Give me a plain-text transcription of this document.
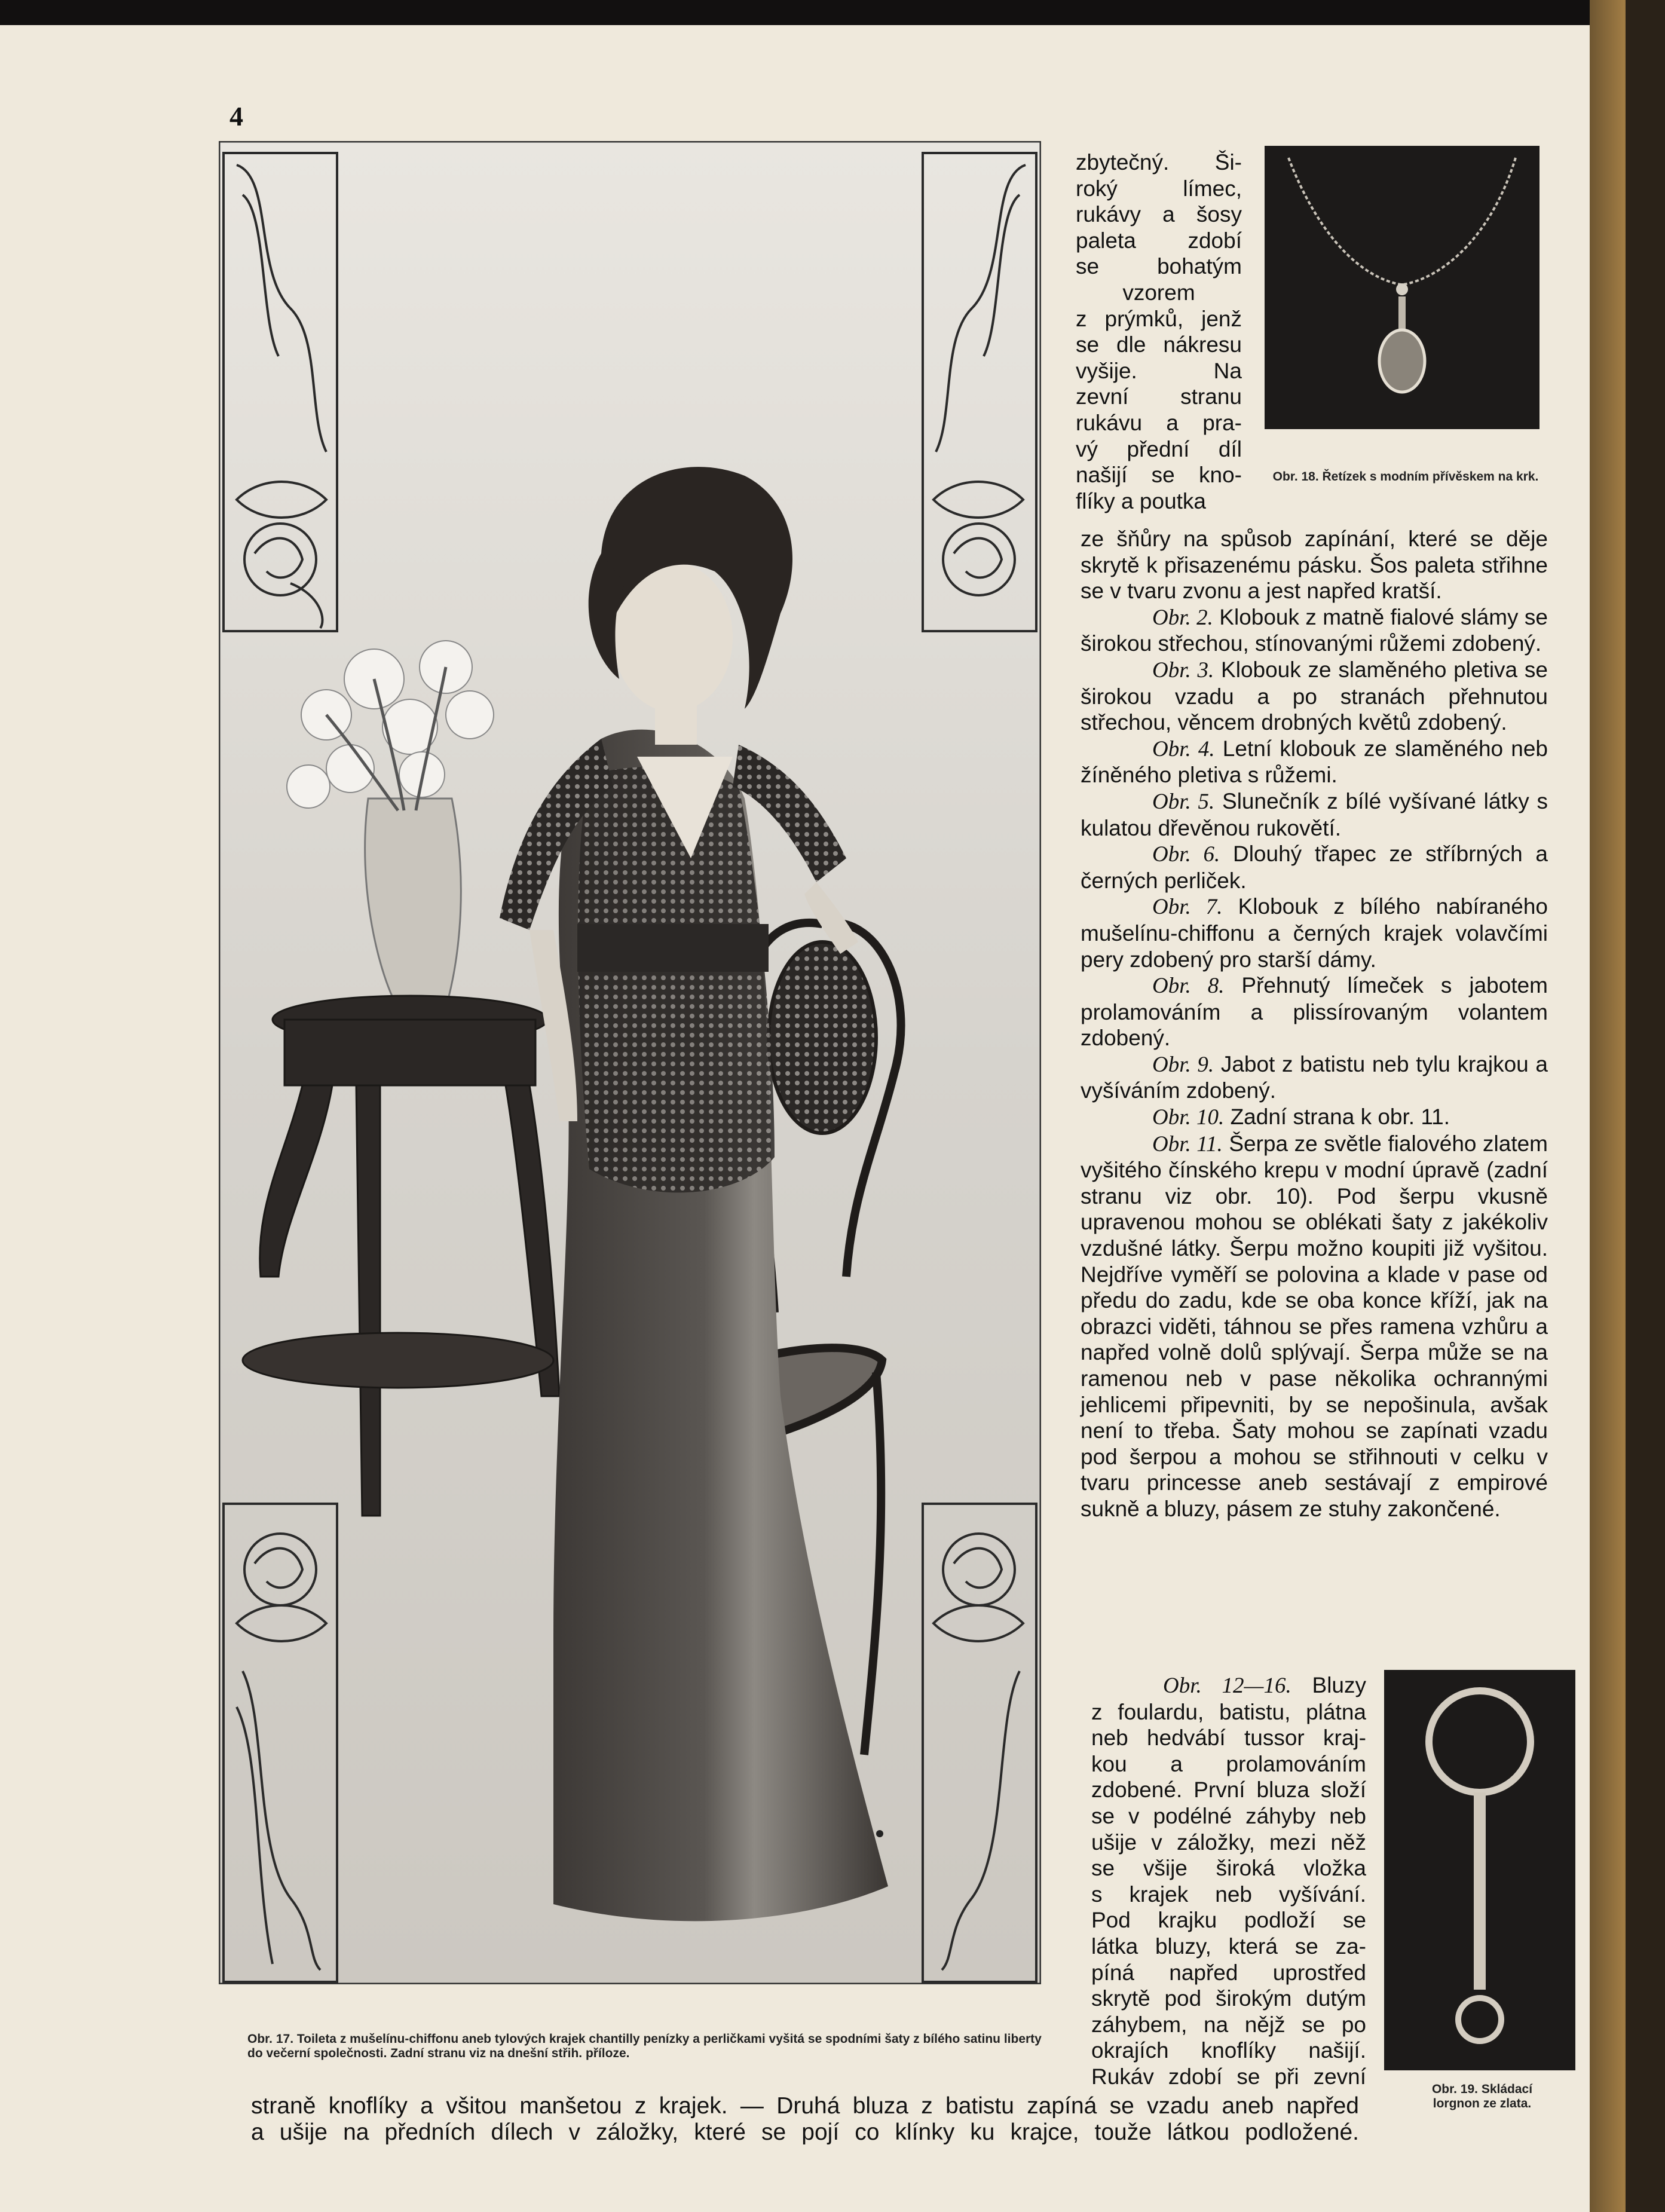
4
Obr. 17. Toileta z mušelínu-chiffonu aneb tylových krajek chantilly penízky a perličkami vyšitá se spodními šaty z bílého satinu liberty do večerní společnosti. Zadní stranu viz na dnešní střih. příloze.
Obr. 18. Řetízek s modním přívěskem na krk.
Obr. 19. Skládací lorgnon ze zlata.

zbytečný. Ši-

roký límec,

rukávy a šosy

paleta zdobí

se bohatým

vzorem

z prýmků, jenž

se dle nákresu

vyšije. Na

zevní stranu

rukávu a pra-

vý přední díl

našijí se kno-

flíky a poutka

ze šňůry na spůsob zapínání, které se děje skrytě k přisazenému pásku. Šos paleta střihne se v tvaru zvonu a jest napřed kratší.

Obr. 2. Klobouk z matně fialové slámy se širokou střechou, stínovanými růžemi zdobený.

Obr. 3. Klobouk ze slaměného pletiva se širokou vzadu a po stranách přehnutou střechou, věncem drobných květů zdobený.

Obr. 4. Letní klobouk ze slaměného neb žíněného pletiva s růžemi.

Obr. 5. Slunečník z bílé vyšívané látky s kulatou dřevěnou rukovětí.

Obr. 6. Dlouhý třapec ze stříbrných a černých perliček.

Obr. 7. Klobouk z bílého nabíraného mušelínu-chiffonu a černých krajek volavčími pery zdobený pro starší dámy.

Obr. 8. Přehnutý límeček s jabotem prolamováním a plissírovaným volantem zdobený.

Obr. 9. Jabot z batistu neb tylu krajkou a vyšíváním zdobený.

Obr. 10. Zadní strana k obr. 11.

Obr. 11. Šerpa ze světle fialového zlatem vyšitého čínského krepu v modní úpravě (zadní stranu viz obr. 10). Pod šerpu vkusně upravenou mohou se oblékati šaty z jakékoliv vzdušné látky. Šerpu možno koupiti již vyšitou. Nejdříve vyměří se polovina a klade v pase od předu do zadu, kde se oba konce kříží, jak na obrazci viděti, táhnou se přes ramena vzhůru a napřed volně dolů splývají. Šerpa může se na ramenou neb v pase několika ochrannými jehlicemi připevniti, by se nepošinula, avšak není to třeba. Šaty mohou se zapínati vzadu pod šerpou a mohou se střihnouti v celku v tvaru princesse aneb sestávají z empirové sukně a bluzy, pásem ze stuhy zakončené.

Obr. 12—16. Bluzy

z foulardu, batistu, plátna

neb hedvábí tussor kraj-

kou a prolamováním

zdobené. První bluza složí

se v podélné záhyby neb

ušije v záložky, mezi něž

se všije široká vložka

s krajek neb vyšívání.

Pod krajku podloží se

látka bluzy, která se za-

píná napřed uprostřed

skrytě pod širokým dutým

záhybem, na nějž se po

okrajích knoflíky našijí.

Rukáv zdobí se při zevní

straně knoflíky a všitou manšetou z krajek. — Druhá bluza z batistu zapíná se vzadu aneb napřed

a ušije na předních dílech v záložky, které se pojí co klínky ku krajce, touže látkou podložené.
